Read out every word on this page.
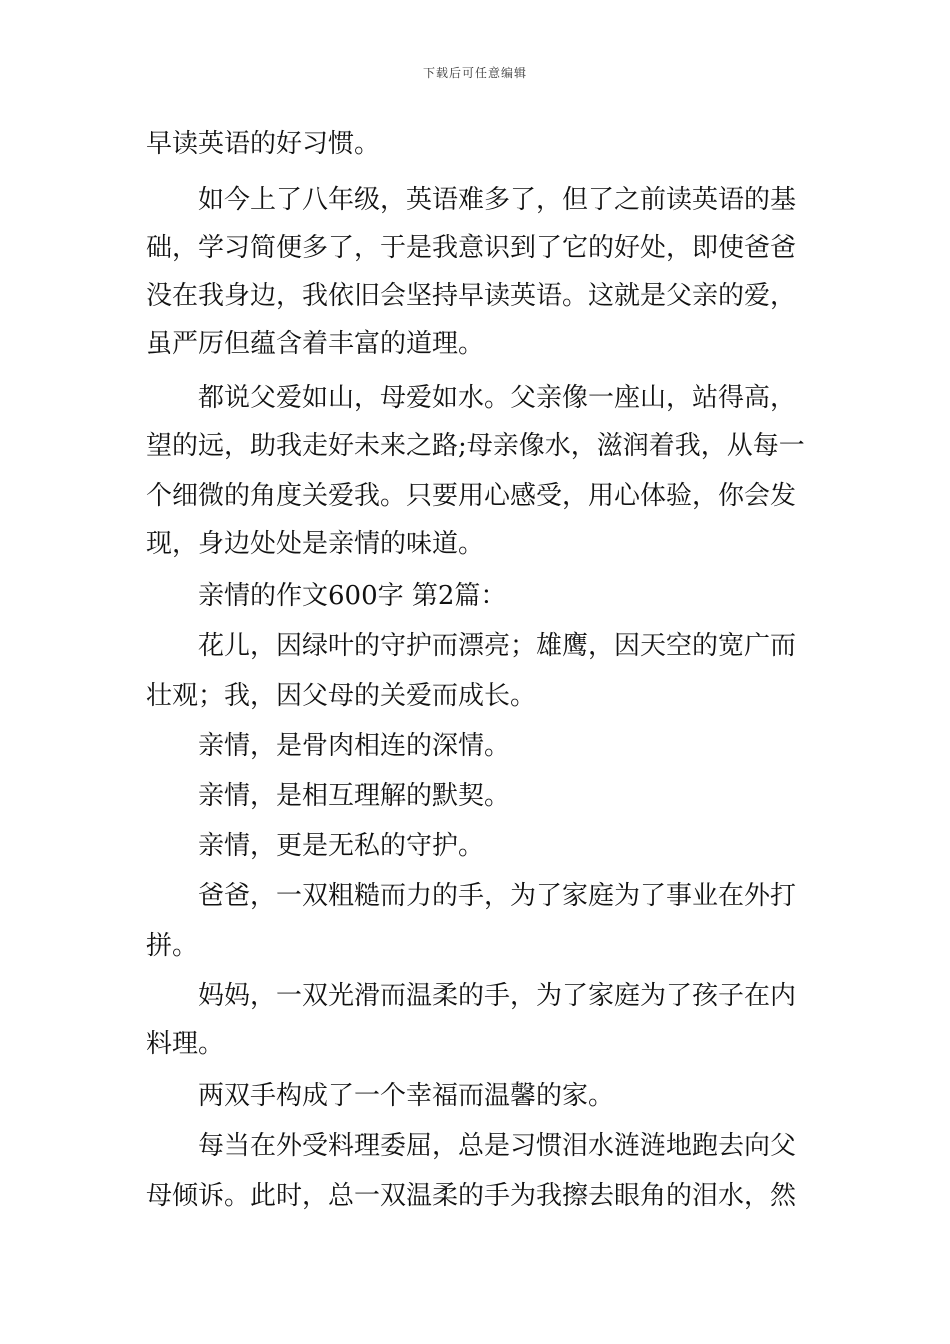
下载后可任意编辑
早读英语的好习惯。
如今上了八年级，英语难多了，但了之前读英语的基
础，学习简便多了，于是我意识到了它的好处，即使爸爸
没在我身边，我依旧会坚持早读英语。这就是父亲的爱，
虽严厉但蕴含着丰富的道理。
都说父爱如山，母爱如水。父亲像一座山，站得高，
望的远，助我走好未来之路;母亲像水，滋润着我，从每一
个细微的角度关爱我。只要用心感受，用心体验，你会发
现，身边处处是亲情的味道。
亲情的作文600字 第2篇：
花儿，因绿叶的守护而漂亮；雄鹰，因天空的宽广而
壮观；我，因父母的关爱而成长。
亲情，是骨肉相连的深情。
亲情，是相互理解的默契。
亲情，更是无私的守护。
爸爸，一双粗糙而力的手，为了家庭为了事业在外打
拼。
妈妈，一双光滑而温柔的手，为了家庭为了孩子在内
料理。
两双手构成了一个幸福而温馨的家。
每当在外受料理委屈，总是习惯泪水涟涟地跑去向父
母倾诉。此时，总一双温柔的手为我擦去眼角的泪水，然
